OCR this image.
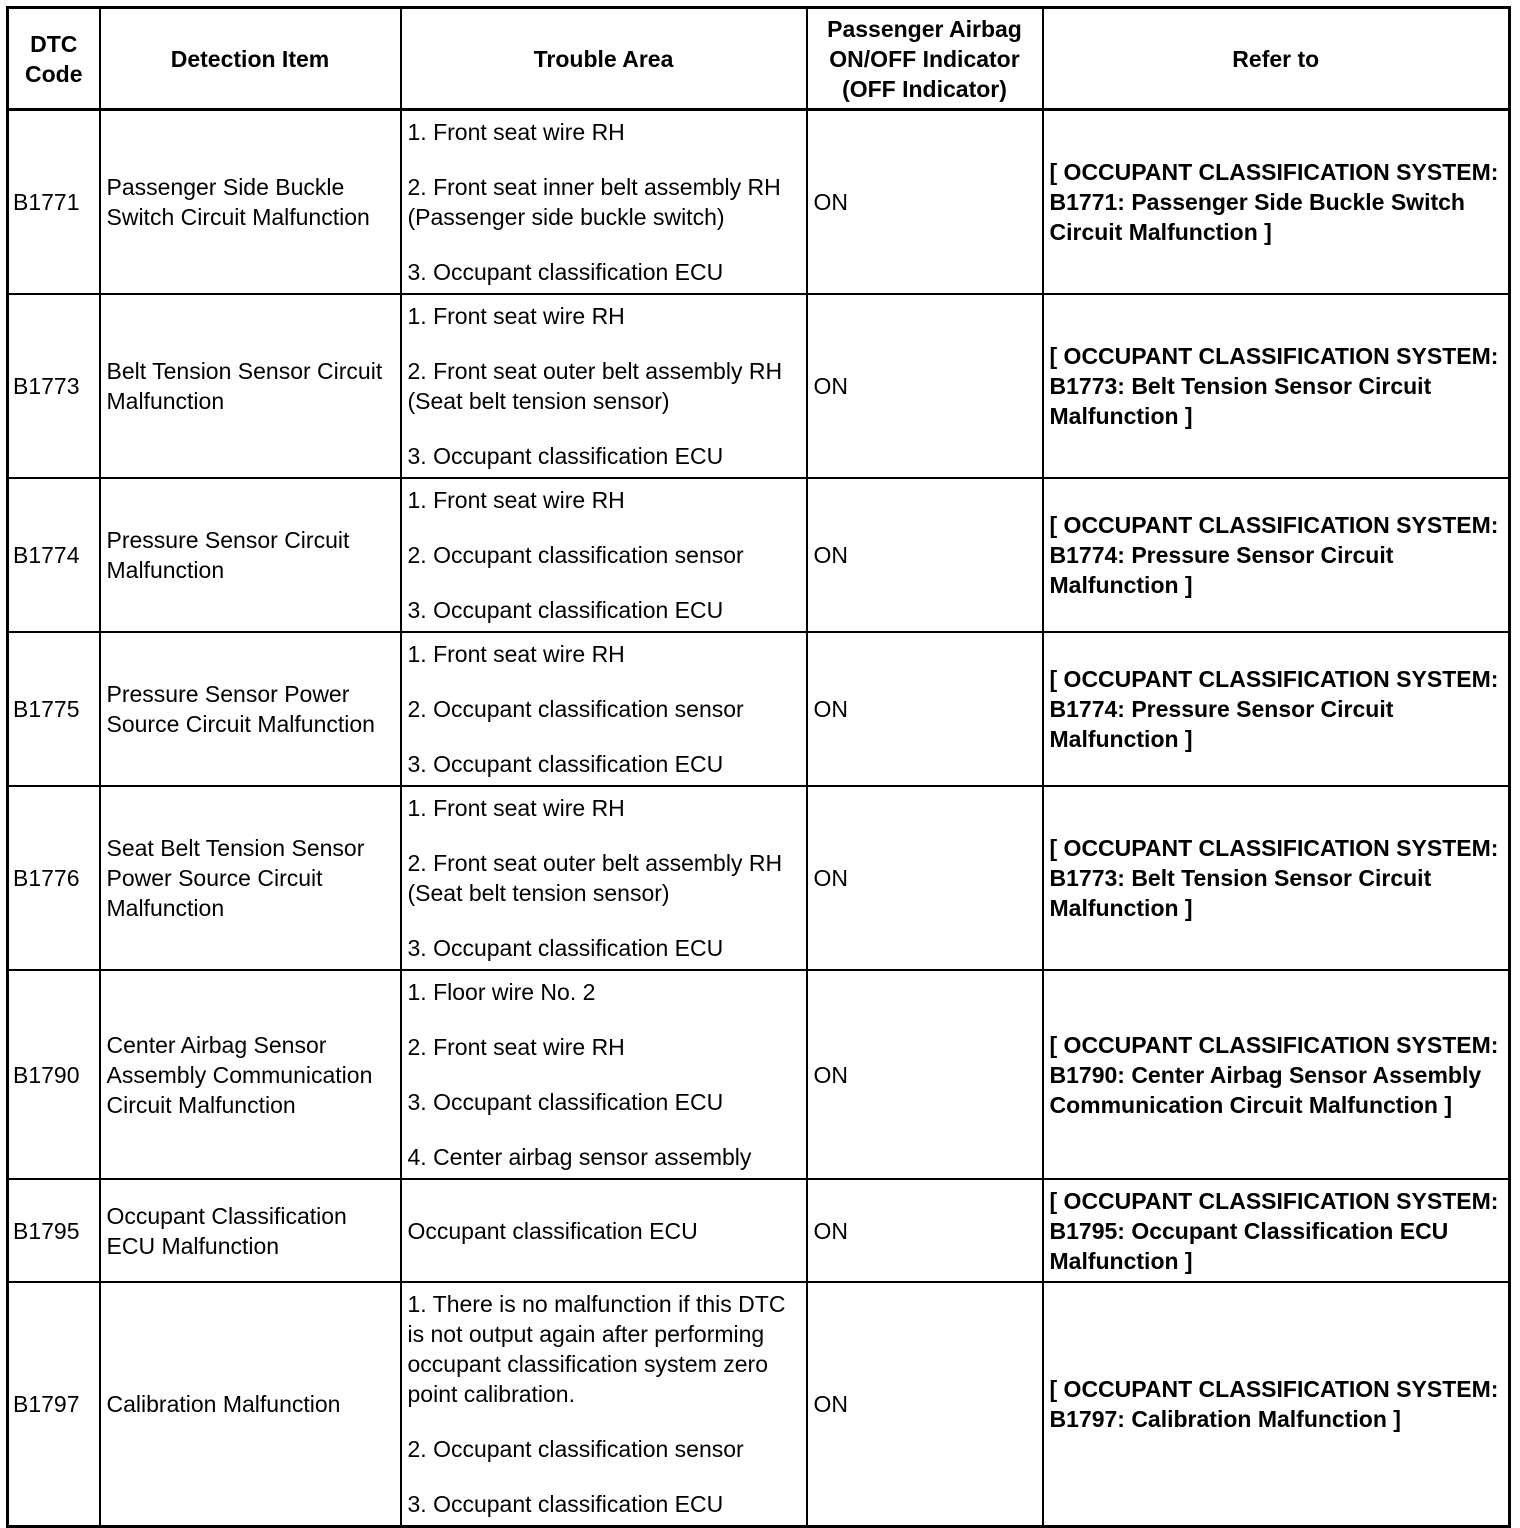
DTC Code	Detection Item	Trouble Area	Passenger Airbag ON/OFF Indicator (OFF Indicator)	Refer to
B1771	Passenger Side Buckle Switch Circuit Malfunction	1. Front seat wire RH
2. Front seat inner belt assembly RH (Passenger side buckle switch)
3. Occupant classification ECU	ON	[ OCCUPANT CLASSIFICATION SYSTEM: B1771: Passenger Side Buckle Switch Circuit Malfunction ]
B1773	Belt Tension Sensor Circuit Malfunction	1. Front seat wire RH
2. Front seat outer belt assembly RH (Seat belt tension sensor)
3. Occupant classification ECU	ON	[ OCCUPANT CLASSIFICATION SYSTEM: B1773: Belt Tension Sensor Circuit Malfunction ]
B1774	Pressure Sensor Circuit Malfunction	1. Front seat wire RH
2. Occupant classification sensor
3. Occupant classification ECU	ON	[ OCCUPANT CLASSIFICATION SYSTEM: B1774: Pressure Sensor Circuit Malfunction ]
B1775	Pressure Sensor Power Source Circuit Malfunction	1. Front seat wire RH
2. Occupant classification sensor
3. Occupant classification ECU	ON	[ OCCUPANT CLASSIFICATION SYSTEM: B1774: Pressure Sensor Circuit Malfunction ]
B1776	Seat Belt Tension Sensor Power Source Circuit Malfunction	1. Front seat wire RH
2. Front seat outer belt assembly RH (Seat belt tension sensor)
3. Occupant classification ECU	ON	[ OCCUPANT CLASSIFICATION SYSTEM: B1773: Belt Tension Sensor Circuit Malfunction ]
B1790	Center Airbag Sensor Assembly Communication Circuit Malfunction	1. Floor wire No. 2
2. Front seat wire RH
3. Occupant classification ECU
4. Center airbag sensor assembly	ON	[ OCCUPANT CLASSIFICATION SYSTEM: B1790: Center Airbag Sensor Assembly Communication Circuit Malfunction ]
B1795	Occupant Classification ECU Malfunction	Occupant classification ECU	ON	[ OCCUPANT CLASSIFICATION SYSTEM: B1795: Occupant Classification ECU Malfunction ]
B1797	Calibration Malfunction	1. There is no malfunction if this DTC is not output again after performing occupant classification system zero point calibration.
2. Occupant classification sensor
3. Occupant classification ECU	ON	[ OCCUPANT CLASSIFICATION SYSTEM: B1797: Calibration Malfunction ]
